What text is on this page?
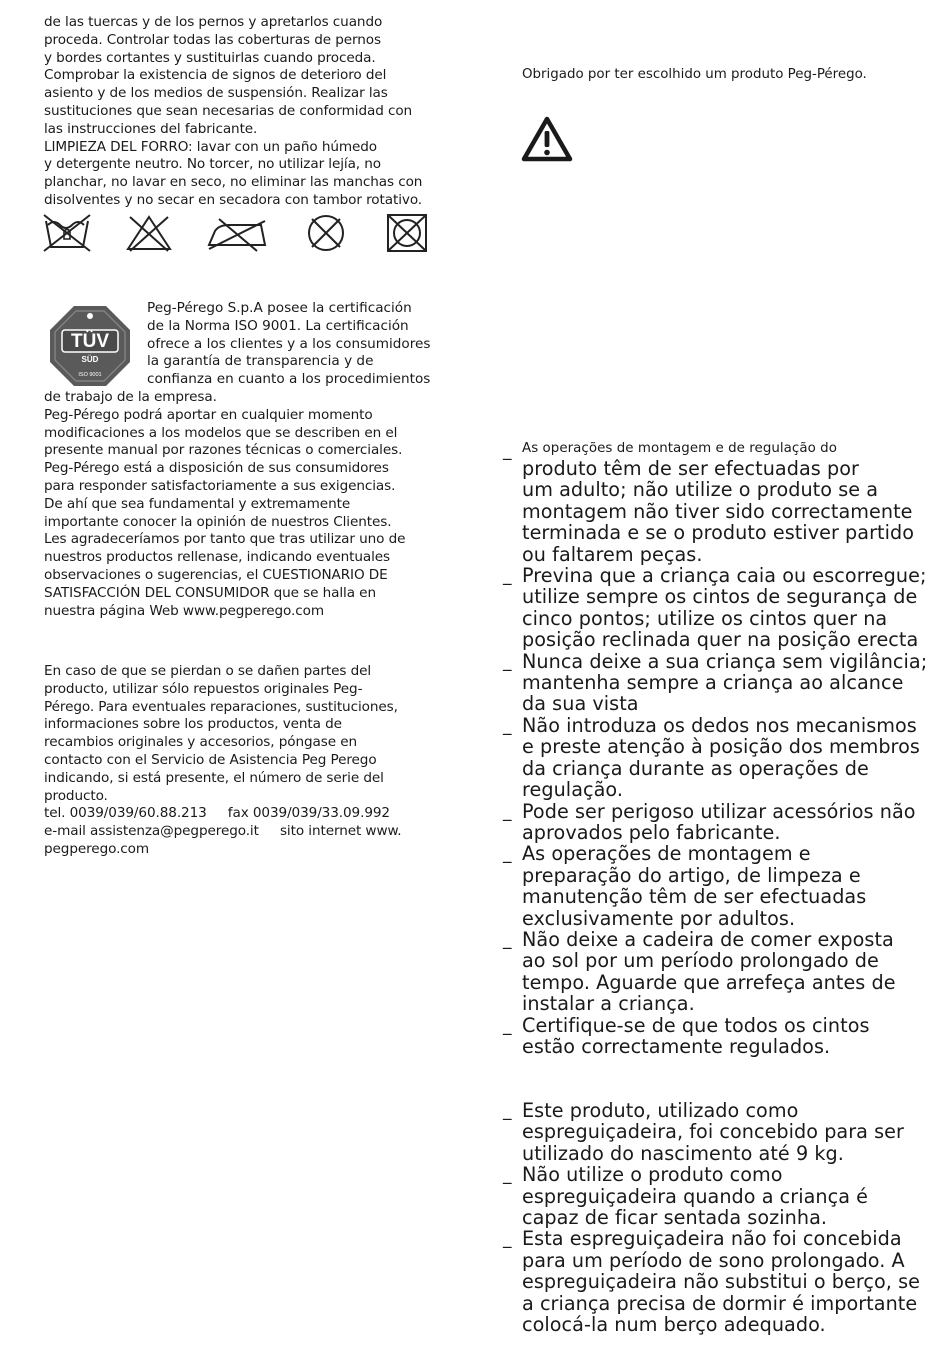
de las tuercas y de los pernos y apretarlos cuando
proceda. Controlar todas las coberturas de pernos
y bordes cortantes y sustituirlas cuando proceda.
Comprobar la existencia de signos de deterioro del
asiento y de los medios de suspensión. Realizar las
sustituciones que sean necesarias de conformidad con
las instrucciones del fabricante.
LIMPIEZA DEL FORRO: lavar con un paño húmedo
y detergente neutro. No torcer, no utilizar lejía, no
planchar, no lavar en seco, no eliminar las manchas con
disolventes y no secar en secadora con tambor rotativo.
TÜV
SÜD
ISO 9001
Peg-Pérego S.p.A posee la certificación
de la Norma ISO 9001. La certificación
ofrece a los clientes y a los consumidores
la garantía de transparencia y de
confianza en cuanto a los procedimientos
de trabajo de la empresa.
Peg-Pérego podrá aportar en cualquier momento
modificaciones a los modelos que se describen en el
presente manual por razones técnicas o comerciales.
Peg-Pérego está a disposición de sus consumidores
para responder satisfactoriamente a sus exigencias.
De ahí que sea fundamental y extremamente
importante conocer la opinión de nuestros Clientes.
Les agradeceríamos por tanto que tras utilizar uno de
nuestros productos rellenase, indicando eventuales
observaciones o sugerencias, el CUESTIONARIO DE
SATISFACCIÓN DEL CONSUMIDOR que se halla en
nuestra página Web www.pegperego.com
En caso de que se pierdan o se dañen partes del
producto, utilizar sólo repuestos originales Peg-
Pérego. Para eventuales reparaciones, sustituciones,
informaciones sobre los productos, venta de
recambios originales y accesorios, póngase en
contacto con el Servicio de Asistencia Peg Perego
indicando, si está presente, el número de serie del
producto.
tel. 0039/039/60.88.213     fax 0039/039/33.09.992
e-mail assistenza@pegperego.it     sito internet www.
pegperego.com
Obrigado por ter escolhido um produto Peg-Pérego.
_ As operações de montagem e de regulação do
produto têm de ser efectuadas por
um adulto; não utilize o produto se a
montagem não tiver sido correctamente
terminada e se o produto estiver partido
ou faltarem peças.
_ Previna que a criança caia ou escorregue;
utilize sempre os cintos de segurança de
cinco pontos; utilize os cintos quer na
posição reclinada quer na posição erecta
_ Nunca deixe a sua criança sem vigilância;
mantenha sempre a criança ao alcance
da sua vista
_ Não introduza os dedos nos mecanismos
e preste atenção à posição dos membros
da criança durante as operações de
regulação.
_ Pode ser perigoso utilizar acessórios não
aprovados pelo fabricante.
_ As operações de montagem e
preparação do artigo, de limpeza e
manutenção têm de ser efectuadas
exclusivamente por adultos.
_ Não deixe a cadeira de comer exposta
ao sol por um período prolongado de
tempo. Aguarde que arrefeça antes de
instalar a criança.
_ Certifique-se de que todos os cintos
estão correctamente regulados.
_ Este produto, utilizado como
espreguiçadeira, foi concebido para ser
utilizado do nascimento até 9 kg.
_ Não utilize o produto como
espreguiçadeira quando a criança é
capaz de ficar sentada sozinha.
_ Esta espreguiçadeira não foi concebida
para um período de sono prolongado. A
espreguiçadeira não substitui o berço, se
a criança precisa de dormir é importante
colocá-la num berço adequado.
